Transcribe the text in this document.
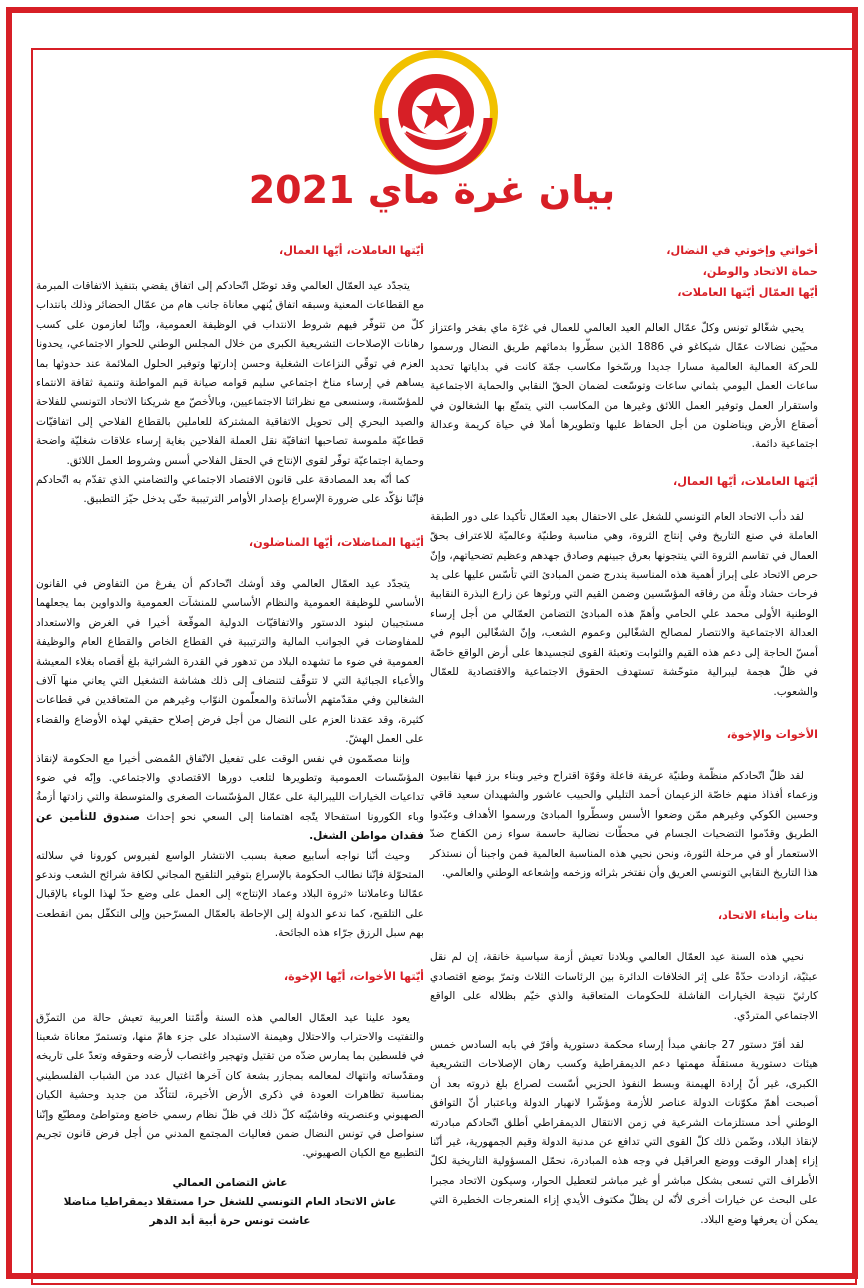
بيان غرة ماي 2021

أخواتي وإخوتي في النضال،

حماة الاتحاد والوطن،

أيّها العمّال أيّتها العاملات،

يحيي شغّالو تونس وكلّ عمّال العالم العيد العالمي للعمال في غرّة ماي بفخر واعتزاز محيّين نضالات عمّال شيكاغو في 1886 الذين سطّروا بدمائهم طريق النضال ورسموا للحركة العمالية العالمية مسارا جديدا ورسّخوا مكاسب جمّة كانت في بداياتها تحديد ساعات العمل اليومي بثماني ساعات وتوسّعت لضمان الحقّ النقابي والحماية الاجتماعية واستقرار العمل وتوفير العمل اللائق وغيرها من المكاسب التي يتمتّع بها الشغالون في أصقاع الأرض ويناضلون من أجل الحفاظ عليها وتطويرها أملا في حياة كريمة وعدالة اجتماعية دائمة.

أيّتها العاملات، أيّها العمال،

لقد دأب الاتحاد العام التونسي للشغل على الاحتفال بعيد العمّال تأكيدا على دور الطبقة العاملة في صنع التاريخ وفي إنتاج الثروة، وهي مناسبة وطنيّة وعالميّة للاعتراف بحقّ العمال في تقاسم الثروة التي ينتجونها بعرق جبينهم وصادق جهدهم وعظيم تضحياتهم، وإنّ حرص الاتحاد على إبراز أهمية هذه المناسبة يندرج ضمن المبادئ التي تأسّس عليها على يد فرحات حشاد وثلّة من رفاقه المؤسّسين وضمن القيم التي ورثوها عن زارع البذرة النقابية الوطنية الأولى محمد علي الحامي وأهمّ هذه المبادئ التضامن العمّالي من أجل إرساء العدالة الاجتماعية والانتصار لمصالح الشغّالين وعموم الشعب، وإنّ الشغّالين اليوم في أمسّ الحاجة إلى دعم هذه القيم والثوابت وتعبئة القوى لتجسيدها على أرض الواقع خاصّة في ظلّ هجمة ليبرالية متوحّشة تستهدف الحقوق الاجتماعية والاقتصادية للعمّال والشعوب.

الأخوات والإخوة،

لقد ظلّ اتّحادكم منظّمة وطنيّة عريقة فاعلة وقوّة اقتراح وخير وبناء برز فيها نقابيون وزعماء أفذاذ منهم خاصّة الزعيمان أحمد التليلي والحبيب عاشور والشهيدان سعيد قاقي وحسين الكوكي وغيرهم ممّن وضعوا الأسس وسطّروا المبادئ ورسموا الأهداف وعبّدوا الطريق وقدّموا التضحيات الجسام في محطّات نضالية حاسمة سواء زمن الكفاح ضدّ الاستعمار أو في مرحلة الثورة، ونحن نحيي هذه المناسبة العالمية فمن واجبنا أن نستذكر هذا التاريخ النقابي التونسي العريق وأن نفتخر بثرائه وزخمه وإشعاعه الوطني والعالمي.

بنات وأبناء الاتحاد،

نحيي هذه السنة عيد العمّال العالمي وبلادنا تعيش أزمة سياسية خانقة، إن لم نقل عبثيّة، ازدادت حدّةً على إثر الخلافات الدائرة بين الرئاسات الثلاث وتمرّ بوضع اقتصادي كارثيّ نتيجة الخيارات الفاشلة للحكومات المتعاقبة والذي خيّم بظلاله على الواقع الاجتماعي المتردّي.

لقد أقرّ دستور 27 جانفي مبدأ إرساء محكمة دستورية وأقرّ في بابه السادس خمس هيئات دستورية مستقلّة مهمتها دعم الديمقراطية وكسب رهان الإصلاحات التشريعية الكبرى، غير أنّ إرادة الهيمنة وبسط النفوذ الحزبي أسّست لصراع بلغ ذروته بعد أن أصبحت أهمّ مكوّنات الدولة عناصر للأزمة ومؤشّرا لانهيار الدولة وباعتبار أنّ التوافق الوطني أحد مستلزمات الشرعية في زمن الانتقال الديمقراطي أطلق اتّحادكم مبادرته لإنقاذ البلاد، وضّمن ذلك كلّ القوى التي تدافع عن مدنية الدولة وقيم الجمهورية، غير أنّنا إزاء إهدار الوقت ووضع العراقيل في وجه هذه المبادرة، نحمّل المسؤولية التاريخية لكلّ الأطراف التي تسعى بشكل مباشر أو غير مباشر لتعطيل الحوار، وسيكون الاتحاد مجبرا على البحث عن خيارات أخرى لأنّه لن يظلّ مكتوف الأيدي إزاء المنعرجات الخطيرة التي يمكن أن يعرفها وضع البلاد.

أيّتها العاملات، أيّها العمال،

يتجدّد عيد العمّال العالمي وقد توصّل اتّحادكم إلى اتفاق يقضي بتنفيذ الاتفاقات المبرمة مع القطاعات المعنية وسبقه اتفاق يُنهي معاناة جانب هام من عمّال الحضائر وذلك بانتداب كلّ من تتوفّر فيهم شروط الانتداب في الوظيفة العمومية، وإنّنا لعازمون على كسب رهانات الإصلاحات التشريعية الكبرى من خلال المجلس الوطني للحوار الاجتماعي، يحدونا العزم في توقّي النزاعات الشغلية وحسن إدارتها وتوفير الحلول الملائمة عند حدوثها بما يساهم في إرساء مناخ اجتماعي سليم قوامه صيانة قيم المواطنة وتنمية ثقافة الانتماء للمؤسّسة، وسنسعى مع نظرائنا الاجتماعيين، وبالأخصّ مع شريكنا الاتحاد التونسي للفلاحة والصيد البحري إلى تحويل الاتفاقية المشتركة للعاملين بالقطاع الفلاحي إلى اتفاقيّات قطاعيّة ملموسة تصاحبها اتفاقيّة نقل العملة الفلاحين بغاية إرساء علاقات شغليّة واضحة وحماية اجتماعيّة توفّر لقوى الإنتاج في الحقل الفلاحي أسس وشروط العمل اللائق.

كما أنّه بعد المصادقة على قانون الاقتصاد الاجتماعي والتضامني الذي تقدّم به اتّحادكم فإنّنا نؤكّد على ضرورة الإسراع بإصدار الأوامر الترتيبية حتّى يدخل حيّز التطبيق.

أيّتها المناضلات، أيّها المناضلون،

يتجدّد عيد العمّال العالمي وقد أوشك اتّحادكم أن يفرغ من التفاوض في القانون الأساسي للوظيفة العمومية والنظام الأساسي للمنشآت العمومية والدواوين بما يجعلهما مستجيبان لبنود الدستور والاتفاقيّات الدولية الموقّعة أخيرا في الغرض والاستعداد للمفاوضات في الجوانب المالية والترتيبية في القطاع الخاص والقطاع العام والوظيفة العمومية في ضوء ما تشهده البلاد من تدهور في القدرة الشرائية بلغ أقصاه بغلاء المعيشة والأعباء الجبائية التي لا تتوقّف لتنضاف إلى ذلك هشاشة التشغيل التي يعاني منها آلاف الشغالين وفي مقدّمتهم الأساتذة والمعلّمون النوّاب وغيرهم من المتعاقدين في قطاعات كثيرة، وقد عقدنا العزم على النضال من أجل فرض إصلاح حقيقي لهذه الأوضاع والقضاء على العمل الهشّ.

وإننا مصمّمون في نفس الوقت على تفعيل الاتّفاق المُمضى أخيرا مع الحكومة لإنقاذ المؤسّسات العمومية وتطويرها لتلعب دورها الاقتصادي والاجتماعي. وإنّه في ضوء تداعيات الخيارات الليبرالية على عمّال المؤسّسات الصغرى والمتوسطة والتي زادتها أزمةُ وباء الكورونا استفحالا يتّجه اهتمامنا إلى السعي نحو إحداث صندوق للتأمين عن فقدان مواطن الشغل.

وحيث أنّنا نواجه أسابيع صعبة بسبب الانتشار الواسع لفيروس كورونا في سلالته المتحوّلة فإنّنا نطالب الحكومة بالإسراع بتوفير التلقيح المجاني لكافة شرائح الشعب وندعو عمّالنا وعاملاتنا «ثروة البلاد وعماد الإنتاج» إلى العمل على وضع حدّ لهذا الوباء بالإقبال على التلقيح، كما ندعو الدولة إلى الإحاطة بالعمّال المسرّحين وإلى التكفّل بمن انقطعت بهم سبل الرزق جرّاء هذه الجائحة.

أيّتها الأخوات، أيّها الإخوة،

يعود علينا عيد العمّال العالمي هذه السنة وأمّتنا العربية تعيش حالة من التمزّق والتفتيت والاحتراب والاحتلال وهيمنة الاستبداد على جزء هامّ منها، وتستمرّ معاناة شعبنا في فلسطين بما يمارس ضدّه من تقتيل وتهجير واغتصاب لأرضه وحقوقه وتعدّ على تاريخه ومقدّساته وانتهاك لمعالمه بمجازر بشعة كان آخرها اغتيال عدد من الشباب الفلسطيني بمناسبة تظاهرات العودة في ذكرى الأرض الأخيرة، لتتأكّد من جديد وحشية الكيان الصهيوني وعنصريته وفاشيّته كلّ ذلك في ظلّ نظام رسمي خاضع ومتواطئ ومطبّع وإنّنا سنواصل في تونس النضال ضمن فعاليات المجتمع المدني من أجل فرض قانون تجريم التطبيع مع الكيان الصهيوني.

عاش التضامن العمالي

عاش الاتحاد العام التونسي للشغل حرا مستقلا ديمقراطيا مناضلا

عاشت تونس حرة أبية أبد الدهر
